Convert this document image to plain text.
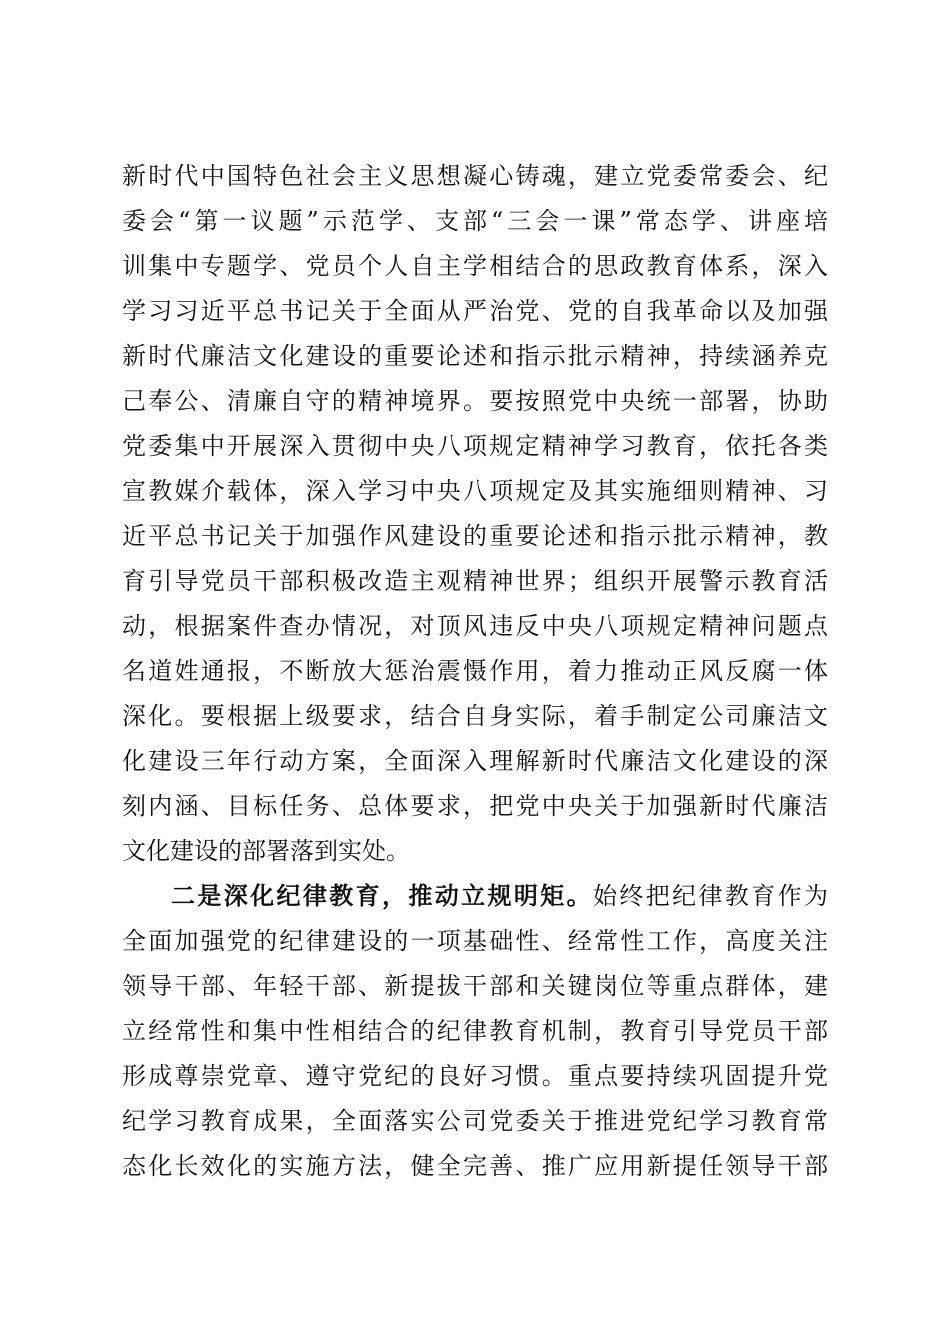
新时代中国特色社会主义思想凝心铸魂，建立党委常委会、纪
委会“第一议题”示范学、支部“三会一课”常态学、讲座培
训集中专题学、党员个人自主学相结合的思政教育体系，深入
学习习近平总书记关于全面从严治党、党的自我革命以及加强
新时代廉洁文化建设的重要论述和指示批示精神，持续涵养克
己奉公、清廉自守的精神境界。要按照党中央统一部署，协助
党委集中开展深入贯彻中央八项规定精神学习教育，依托各类
宣教媒介载体，深入学习中央八项规定及其实施细则精神、习
近平总书记关于加强作风建设的重要论述和指示批示精神，教
育引导党员干部积极改造主观精神世界；组织开展警示教育活
动，根据案件查办情况，对顶风违反中央八项规定精神问题点
名道姓通报，不断放大惩治震慑作用，着力推动正风反腐一体
深化。要根据上级要求，结合自身实际，着手制定公司廉洁文
化建设三年行动方案，全面深入理解新时代廉洁文化建设的深
刻内涵、目标任务、总体要求，把党中央关于加强新时代廉洁
文化建设的部署落到实处。
二是深化纪律教育，推动立规明矩。始终把纪律教育作为
全面加强党的纪律建设的一项基础性、经常性工作，高度关注
领导干部、年轻干部、新提拔干部和关键岗位等重点群体，建
立经常性和集中性相结合的纪律教育机制，教育引导党员干部
形成尊崇党章、遵守党纪的良好习惯。重点要持续巩固提升党
纪学习教育成果，全面落实公司党委关于推进党纪学习教育常
态化长效化的实施方法，健全完善、推广应用新提任领导干部
